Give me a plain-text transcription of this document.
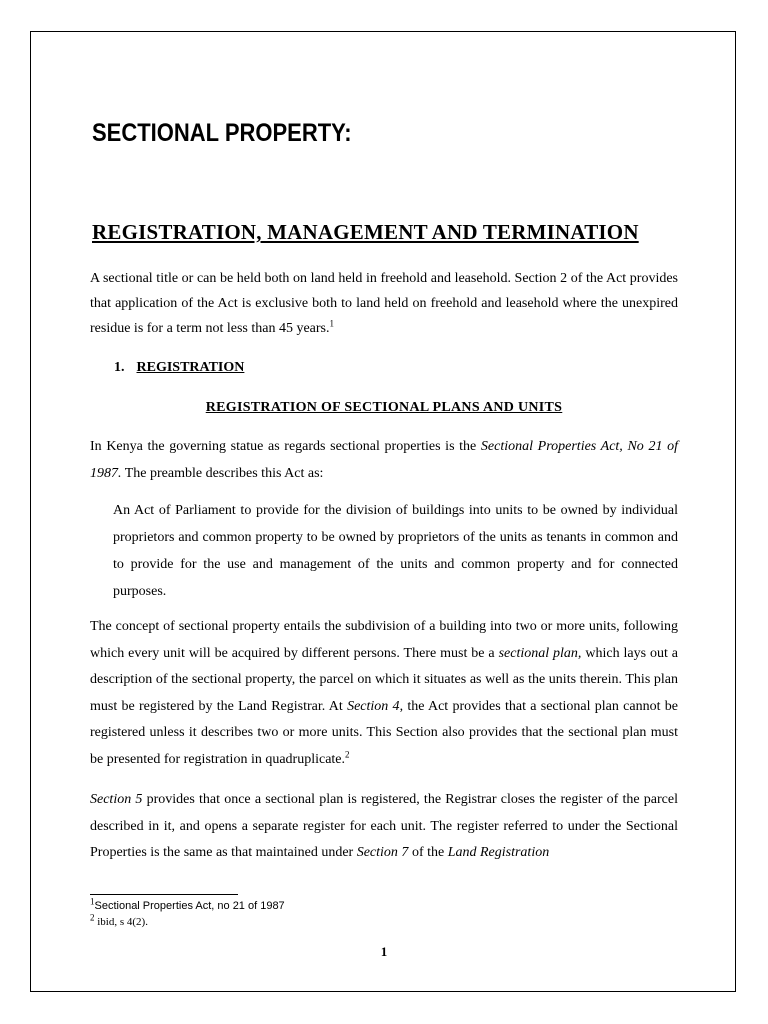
SECTIONAL PROPERTY:
REGISTRATION, MANAGEMENT AND TERMINATION

A sectional title or can be held both on land held in freehold and leasehold. Section 2 of the Act provides that application of the Act is exclusive both to land held on freehold and leasehold where the unexpired residue is for a term not less than 45 years.$^1$

1. REGISTRATION

REGISTRATION OF SECTIONAL PLANS AND UNITS

In Kenya the governing statue as regards sectional properties is the Sectional Properties Act, No 21 of 1987. The preamble describes this Act as:

An Act of Parliament to provide for the division of buildings into units to be owned by individual proprietors and common property to be owned by proprietors of the units as tenants in common and to provide for the use and management of the units and common property and for connected purposes.

The concept of sectional property entails the subdivision of a building into two or more units, following which every unit will be acquired by different persons. There must be a sectional plan, which lays out a description of the sectional property, the parcel on which it situates as well as the units therein. This plan must be registered by the Land Registrar. At Section 4, the Act provides that a sectional plan cannot be registered unless it describes two or more units. This Section also provides that the sectional plan must be presented for registration in quadruplicate.$^2$

Section 5 provides that once a sectional plan is registered, the Registrar closes the register of the parcel described in it, and opens a separate register for each unit. The register referred to under the Sectional Properties is the same as that maintained under Section 7 of the Land Registration

$^1$Sectional Properties Act, no 21 of 1987

$^2$ ibid, s 4(2).

1
